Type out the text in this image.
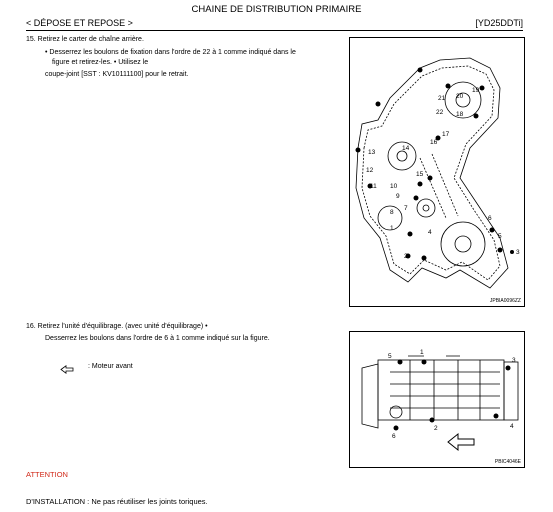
CHAINE DE DISTRIBUTION PRIMAIRE
< DÉPOSE ET REPOSE >	[YD25DDTi]
15. Retirez le carter de chaîne arrière.
• Desserrez les boulons de fixation dans l'ordre de 22 à 1 comme indiqué dans le
figure et retirez-les. • Utilisez le
coupe-joint [SST : KV10111100] pour le retrait.
19
20
21
22 18
17
16
14
13
12
11 10
9
7
8
15
5
6
4
2
3
1
JPBIA0096ZZ
16. Retirez l'unité d'équilibrage. (avec unité d'équilibrage) •
Desserrez les boulons dans l'ordre de 6 à 1 comme indiqué sur la figure.
: Moteur avant
5
1
3
4
2
6
PBIC4046E
ATTENTION
D'INSTALLATION : Ne pas réutiliser les joints toriques.
